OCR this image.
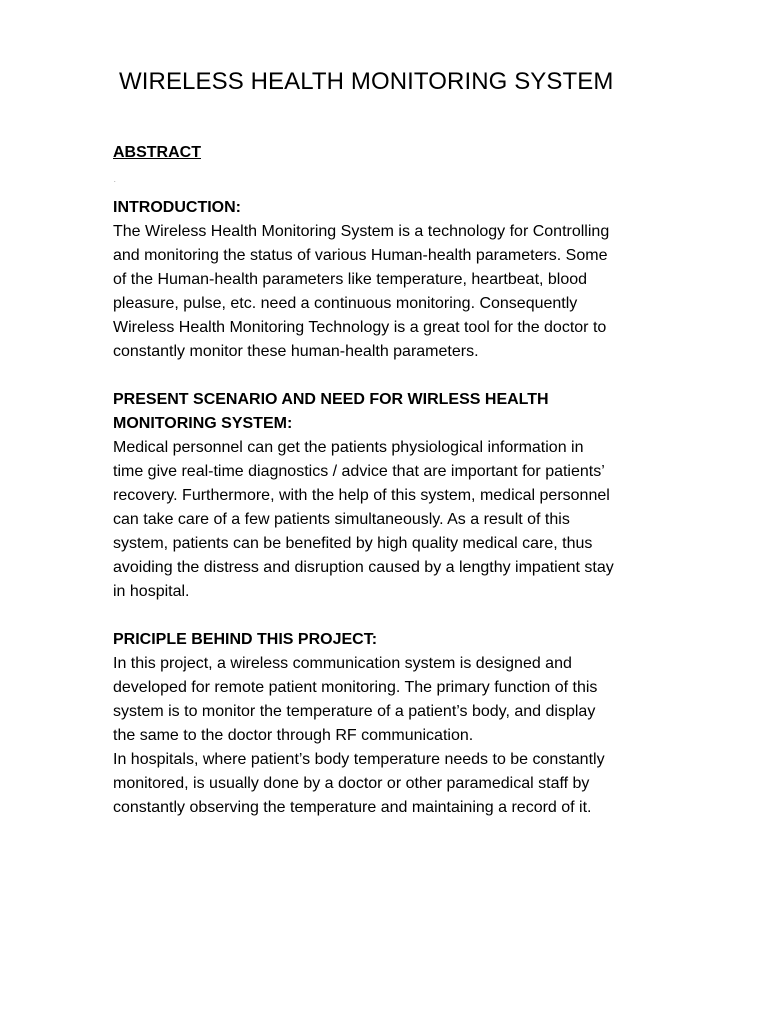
WIRELESS HEALTH MONITORING SYSTEM
ABSTRACT
.
INTRODUCTION:

The Wireless Health Monitoring System is a technology for Controlling
and monitoring the status of various Human-health parameters. Some
of the Human-health parameters like temperature, heartbeat, blood
pleasure, pulse, etc. need a continuous monitoring. Consequently
Wireless Health Monitoring Technology is a great tool for the doctor to
constantly monitor these human-health parameters.

PRESENT SCENARIO AND NEED FOR WIRLESS HEALTH
MONITORING SYSTEM:

Medical personnel can get the patients physiological information in
time give real-time diagnostics / advice that are important for patients’
recovery. Furthermore, with the help of this system, medical personnel
can take care of a few patients simultaneously. As a result of this
system, patients can be benefited by high quality medical care, thus
avoiding the distress and disruption caused by a lengthy impatient stay
in hospital.

PRICIPLE BEHIND THIS PROJECT:

In this project, a wireless communication system is designed and
developed for remote patient monitoring. The primary function of this
system is to monitor the temperature of a patient’s body, and display
the same to the doctor through RF communication.

In hospitals, where patient’s body temperature needs to be constantly
monitored, is usually done by a doctor or other paramedical staff by
constantly observing the temperature and maintaining a record of it.
